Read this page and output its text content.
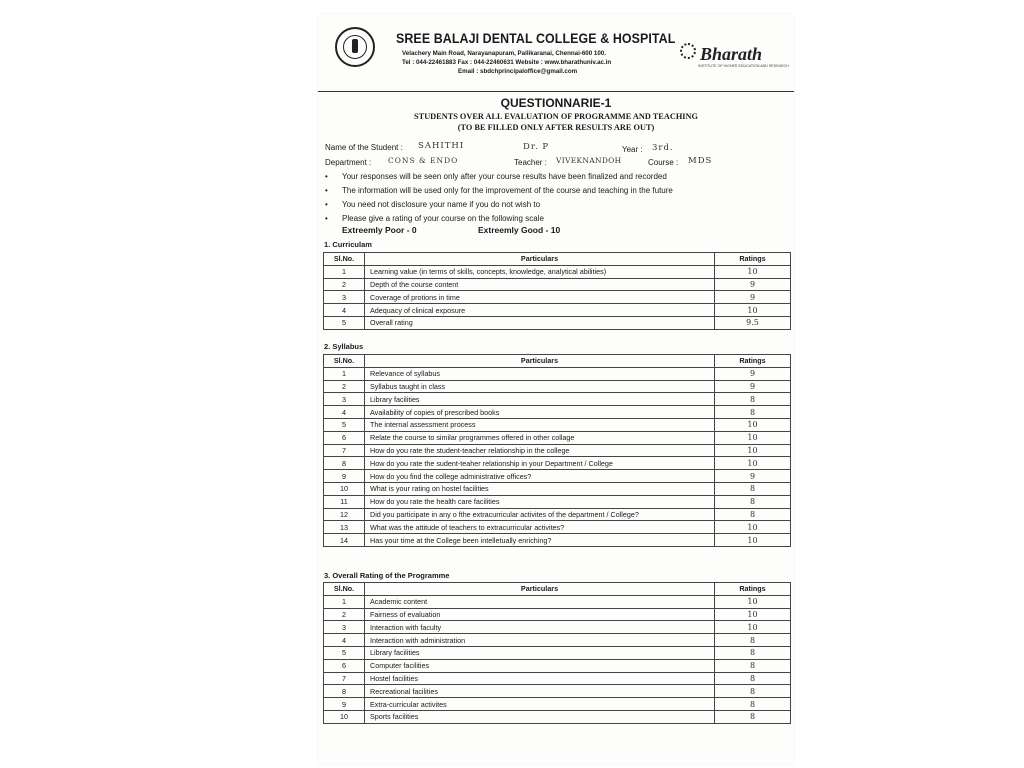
SREE BALAJI DENTAL COLLEGE & HOSPITAL
Velachery Main Road, Narayanapuram, Pallikaranai, Chennai-600 100.
Tel : 044-22461883 Fax : 044-22460631 Website : www.bharathuniv.ac.in
Email : sbdchprincipaloffice@gmail.com
Bharath
INSTITUTE OF HIGHER EDUCATION AND RESEARCH
QUESTIONNARIE-1
STUDENTS OVER ALL EVALUATION OF PROGRAMME AND TEACHING
(TO BE FILLED ONLY AFTER RESULTS ARE OUT)
Name of the Student : SAHITHI	Dr. P	Year : 3rd.
Department : CONS & ENDO	Teacher : VIVEKNANDOH	Course : MDS
• Your responses will be seen only after your course results have been finalized and recorded
• The information will be used only for the improvement of the course and teaching in the future
• You need not disclosure your name if you do not wish to
• Please give a rating of your course on the following scale
Extreemly Poor - 0	Extreemly Good - 10
1. Curriculam
Sl.No.	Particulars	Ratings
1	Learning value (in terms of skills, concepts, knowledge, analytical abilities)	10
2	Depth of the course content	9
3	Coverage of protions in time	9
4	Adequacy of clinical exposure	10
5	Overall rating	9.5
2. Syllabus
Sl.No.	Particulars	Ratings
1	Relevance of syllabus	9
2	Syllabus taught in class	9
3	Library facilities	8
4	Availability of copies of prescribed books	8
5	The internal assessment process	10
6	Relate the course to similar programmes offered in other collage	10
7	How do you rate the student-teacher relationship in the college	10
8	How do you rate the sudent-teaher relationship in your Department / College	10
9	How do you find the college administrative offices?	9
10	What is your rating on hostel facilities	8
11	How do you rate the health care facilities	8
12	Did you participate in any o fthe extracurricular activites of the department / College?	8
13	What was the attitude of teachers to extracurricular activites?	10
14	Has your time at the College been intelletually enriching?	10
3. Overall Rating of the Programme
Sl.No.	Particulars	Ratings
1	Academic content	10
2	Fairness of evaluation	10
3	Interaction with faculty	10
4	Interaction with administration	8
5	Library facilities	8
6	Computer facilities	8
7	Hostel facilities	8
8	Recreational facilities	8
9	Extra-curricular activites	8
10	Sports facilities	8
